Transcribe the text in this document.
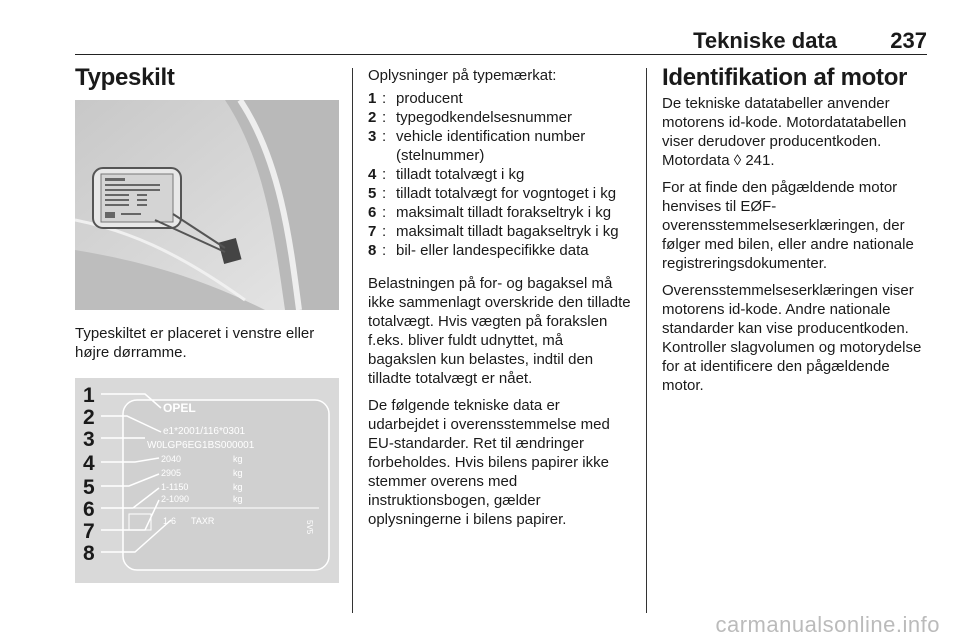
Tekniske data 237
Typeskilt

Typeskiltet er placeret i venstre eller højre dørramme.

1
2
3
4
5
6
7
8
OPEL
e1*2001/116*0301
W0LGP6EG1BS000001
2040	kg
2905	kg
1-1150	kg
2-1090	kg
1-6 TAXR	5V5

Oplysninger på typemærkat:

1 : producent
2 : typegodkendelsesnummer
3 : vehicle identification number (stelnummer)
4 : tilladt totalvægt i kg
5 : tilladt totalvægt for vogntoget i kg
6 : maksimalt tilladt forakseltryk i kg
7 : maksimalt tilladt bagakseltryk i kg
8 : bil- eller landespecifikke data

Belastningen på for- og bagaksel må ikke sammenlagt overskride den tilladte totalvægt. Hvis vægten på forakslen f.eks. bliver fuldt udnyttet, må bagakslen kun belastes, indtil den tilladte totalvægt er nået.

De følgende tekniske data er udarbejdet i overensstemmelse med EU-standarder. Ret til ændringer forbeholdes. Hvis bilens papirer ikke stemmer overens med instruktionsbogen, gælder oplysningerne i bilens papirer.

Identifikation af motor

De tekniske datatabeller anvender motorens id-kode. Motordatatabellen viser derudover producentkoden. Motordata ◊ 241.

For at finde den pågældende motor henvises til EØF-overensstemmelseserklæringen, der følger med bilen, eller andre nationale registreringsdokumenter.

Overensstemmelseserklæringen viser motorens id-kode. Andre nationale standarder kan vise producentkoden. Kontroller slagvolumen og motorydelse for at identificere den pågældende motor.

carmanualsonline.info
